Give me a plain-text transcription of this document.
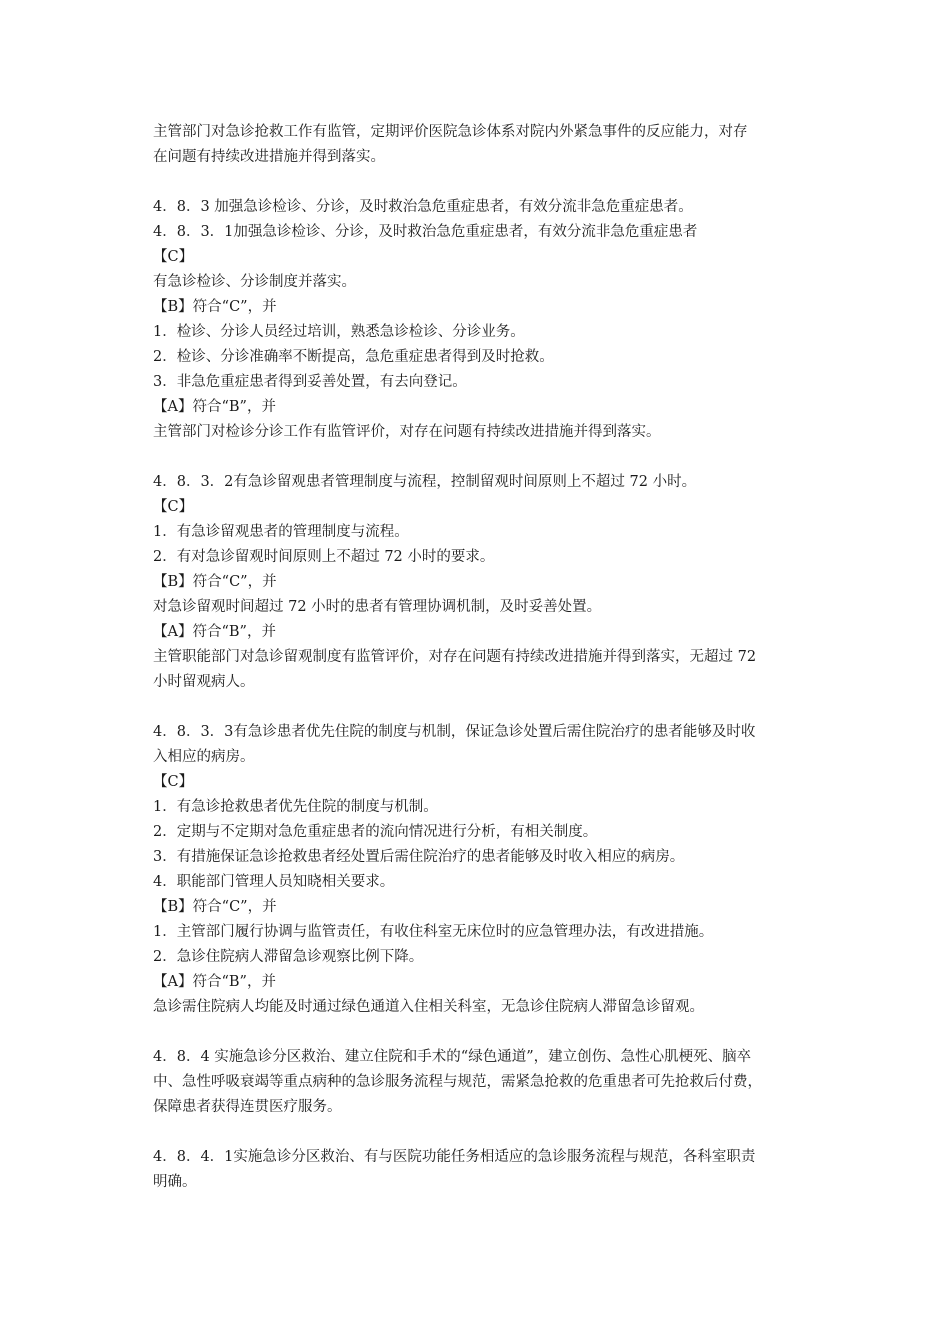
主管部门对急诊抢救工作有监管，定期评价医院急诊体系对院内外紧急事件的反应能力，对存
在问题有持续改进措施并得到落实。
4．8．3 加强急诊检诊、分诊，及时救治急危重症患者，有效分流非急危重症患者。
4．8．3．1加强急诊检诊、分诊，及时救治急危重症患者，有效分流非急危重症患者
【C】
有急诊检诊、分诊制度并落实。
【B】符合“C”，并
1．检诊、分诊人员经过培训，熟悉急诊检诊、分诊业务。
2．检诊、分诊准确率不断提高，急危重症患者得到及时抢救。
3．非急危重症患者得到妥善处置，有去向登记。
【A】符合“B”，并
主管部门对检诊分诊工作有监管评价，对存在问题有持续改进措施并得到落实。
4．8．3．2有急诊留观患者管理制度与流程，控制留观时间原则上不超过 72 小时。
【C】
1．有急诊留观患者的管理制度与流程。
2．有对急诊留观时间原则上不超过 72 小时的要求。
【B】符合“C”，并
对急诊留观时间超过 72 小时的患者有管理协调机制，及时妥善处置。
【A】符合“B”，并
主管职能部门对急诊留观制度有监管评价，对存在问题有持续改进措施并得到落实，无超过 72
小时留观病人。
4．8．3．3有急诊患者优先住院的制度与机制，保证急诊处置后需住院治疗的患者能够及时收
入相应的病房。
【C】
1．有急诊抢救患者优先住院的制度与机制。
2．定期与不定期对急危重症患者的流向情况进行分析，有相关制度。
3．有措施保证急诊抢救患者经处置后需住院治疗的患者能够及时收入相应的病房。
4．职能部门管理人员知晓相关要求。
【B】符合“C”，并
1．主管部门履行协调与监管责任，有收住科室无床位时的应急管理办法，有改进措施。
2．急诊住院病人滞留急诊观察比例下降。
【A】符合“B”，并
急诊需住院病人均能及时通过绿色通道入住相关科室，无急诊住院病人滞留急诊留观。
4．8．4 实施急诊分区救治、建立住院和手术的“绿色通道”，建立创伤、急性心肌梗死、脑卒
中、急性呼吸衰竭等重点病种的急诊服务流程与规范，需紧急抢救的危重患者可先抢救后付费，
保障患者获得连贯医疗服务。
4．8．4．1实施急诊分区救治、有与医院功能任务相适应的急诊服务流程与规范，各科室职责
明确。
